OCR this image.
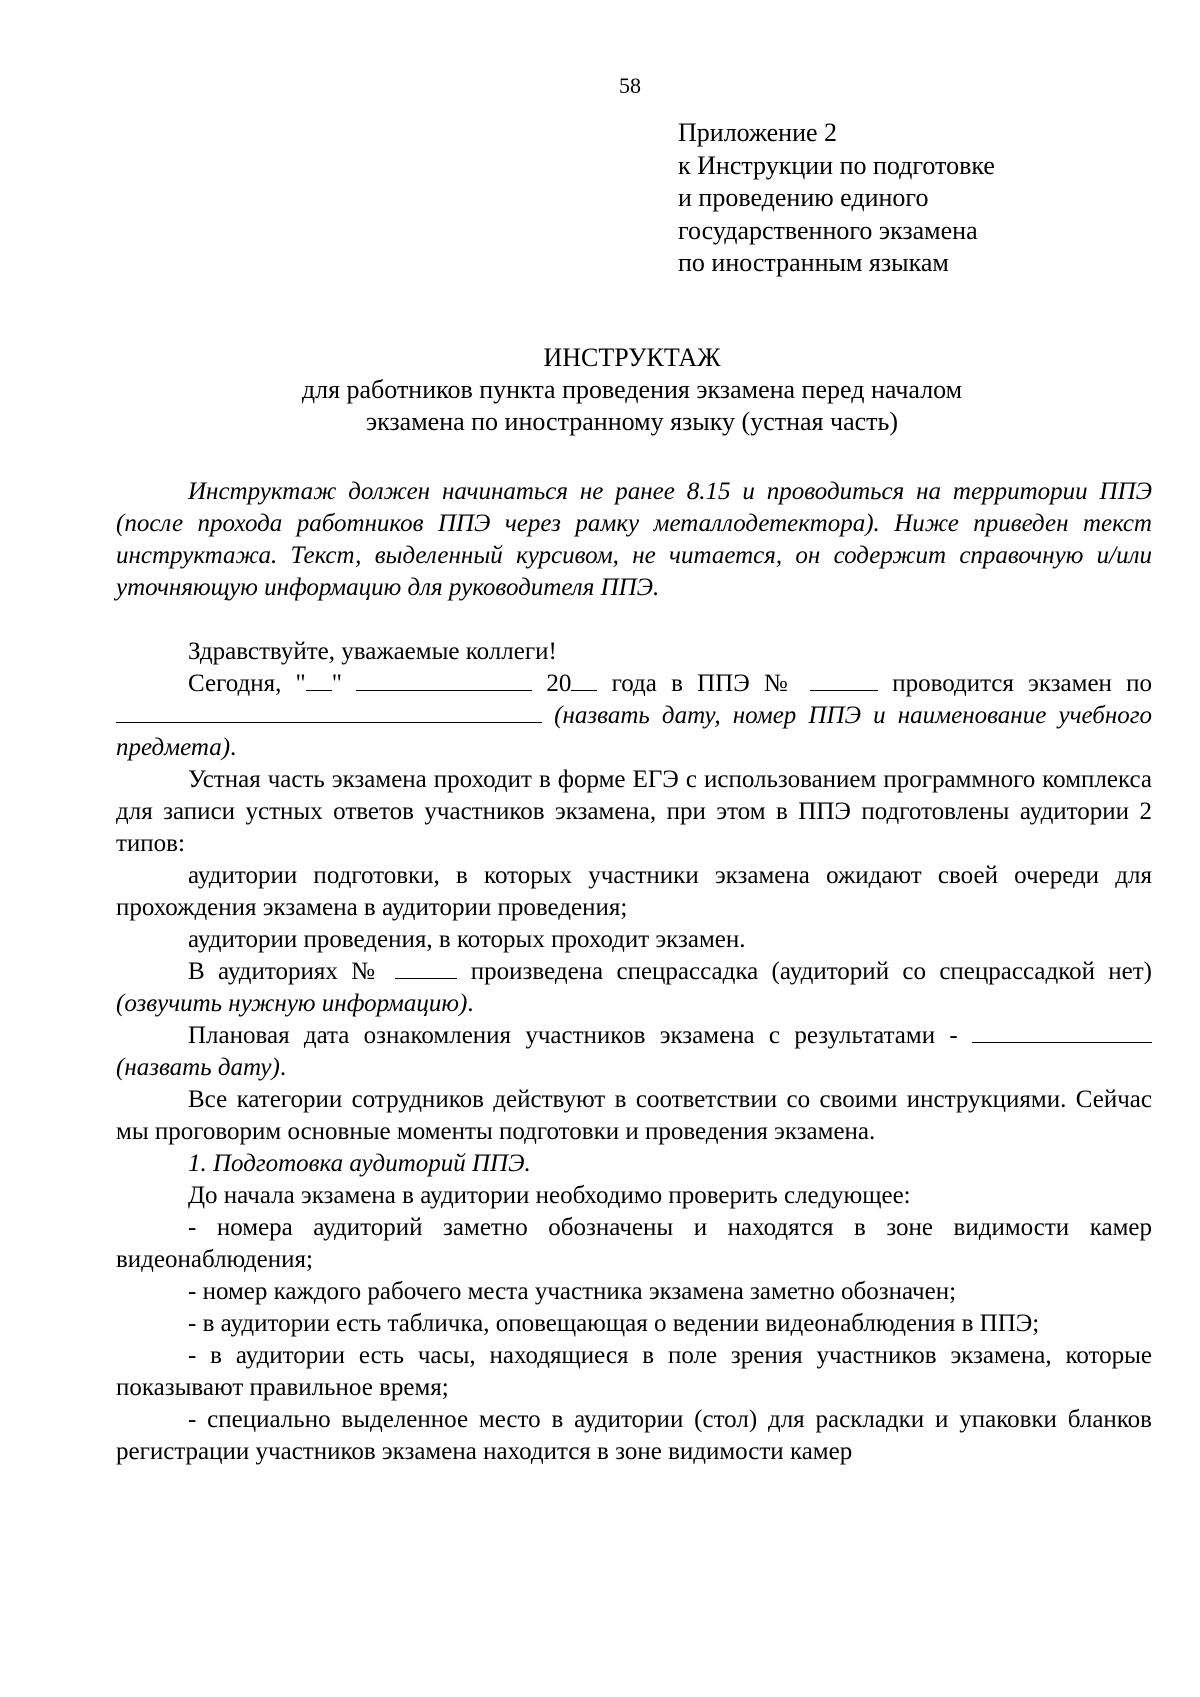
58
Приложение 2
к Инструкции по подготовке
и проведению единого
государственного экзамена
по иностранным языкам
ИНСТРУКТАЖ
для работников пункта проведения экзамена перед началом
экзамена по иностранному языку (устная часть)

Инструктаж должен начинаться не ранее 8.15 и проводиться на территории ППЭ (после прохода работников ППЭ через рамку металлодетектора). Ниже приведен текст инструктажа. Текст, выделенный курсивом, не читается, он содержит справочную и/или уточняющую информацию для руководителя ППЭ.

Здравствуйте, уважаемые коллеги!

Сегодня, " "	20 года в ППЭ №	проводится экзамен по  (назвать дату, номер ППЭ и наименование учебного предмета).

Устная часть экзамена проходит в форме ЕГЭ с использованием программного комплекса для записи устных ответов участников экзамена, при этом в ППЭ подготовлены аудитории 2 типов:

аудитории подготовки, в которых участники экзамена ожидают своей очереди для прохождения экзамена в аудитории проведения;

аудитории проведения, в которых проходит экзамен.

В аудиториях №	произведена спецрассадка (аудиторий со спецрассадкой нет) (озвучить нужную информацию).

Плановая дата ознакомления участников экзамена с результатами -  (назвать дату).

Все категории сотрудников действуют в соответствии со своими инструкциями. Сейчас мы проговорим основные моменты подготовки и проведения экзамена.

1. Подготовка аудиторий ППЭ.

До начала экзамена в аудитории необходимо проверить следующее:

- номера аудиторий заметно обозначены и находятся в зоне видимости камер видеонаблюдения;

- номер каждого рабочего места участника экзамена заметно обозначен;

- в аудитории есть табличка, оповещающая о ведении видеонаблюдения в ППЭ;

- в аудитории есть часы, находящиеся в поле зрения участников экзамена, которые показывают правильное время;

- специально выделенное место в аудитории (стол) для раскладки и упаковки бланков регистрации участников экзамена находится в зоне видимости камер
